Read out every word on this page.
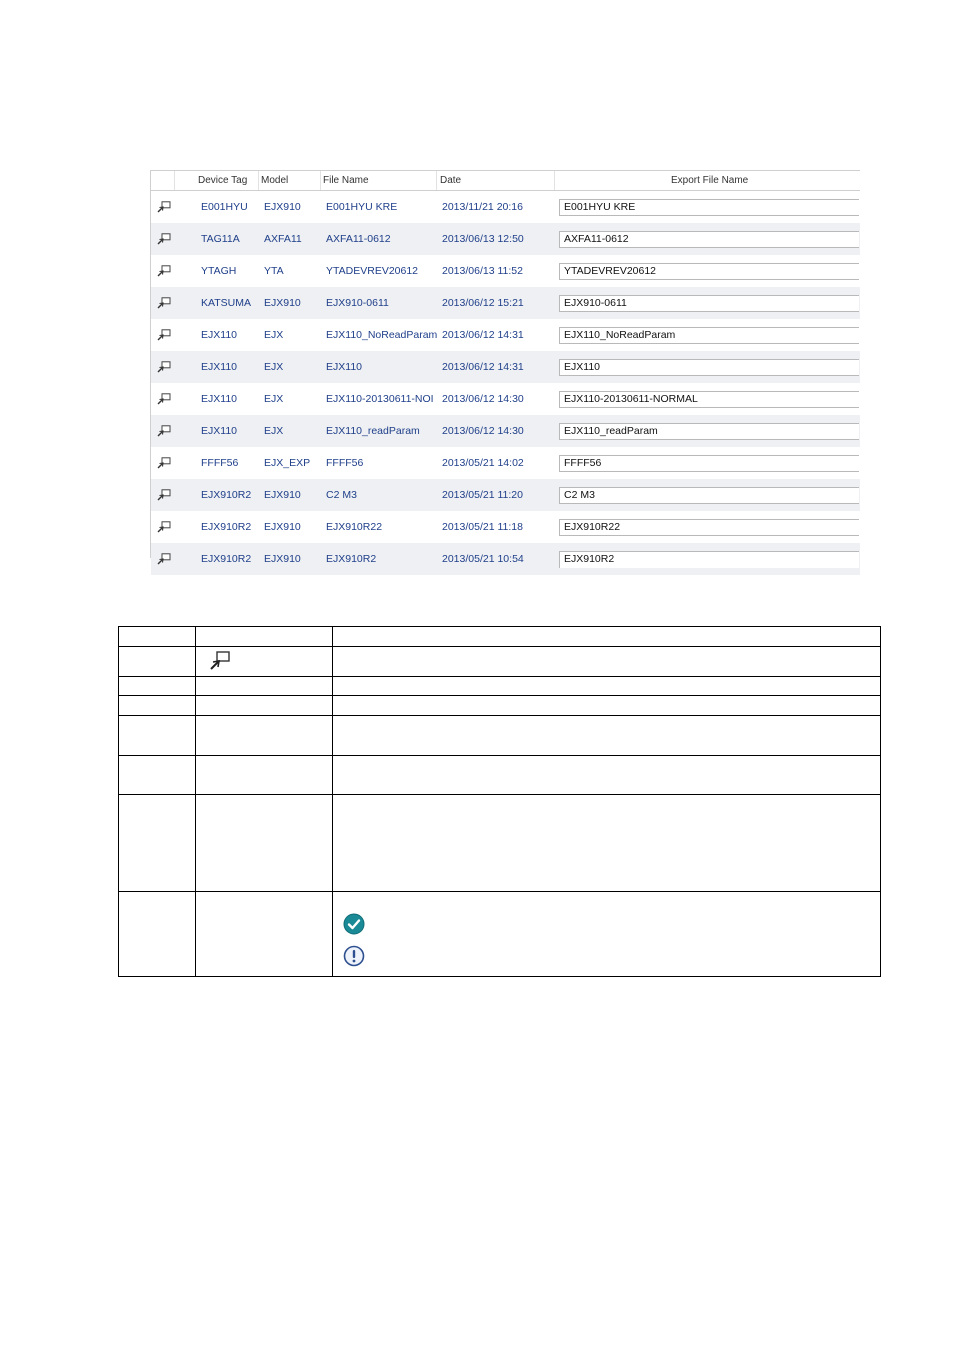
Device Tag Model	File Name	Date	Export File Name
E001HYU	EJX910	E001HYU KRE	2013/11/21 20:16	E001HYU KRE
TAG11A	AXFA11	AXFA11-0612	2013/06/13 12:50	AXFA11-0612
YTAGH	YTA	YTADEVREV20612	2013/06/13 11:52	YTADEVREV20612
KATSUMA	EJX910	EJX910-0611	2013/06/12 15:21	EJX910-0611
EJX110	EJX	EJX110_NoReadParam 2013/06/12 14:31	EJX110_NoReadParam
EJX110	EJX	EJX110	2013/06/12 14:31	EJX110
EJX110	EJX	EJX110-20130611-NOI 2013/06/12 14:30	EJX110-20130611-NORMAL
EJX110	EJX	EJX110_readParam	2013/06/12 14:30	EJX110_readParam
FFFF56	EJX_EXP	FFFF56	2013/05/21 14:02	FFFF56
EJX910R2	EJX910	C2 M3	2013/05/21 11:20	C2 M3
EJX910R2	EJX910	EJX910R22	2013/05/21 11:18	EJX910R22
EJX910R2	EJX910	EJX910R2	2013/05/21 10:54	EJX910R2
